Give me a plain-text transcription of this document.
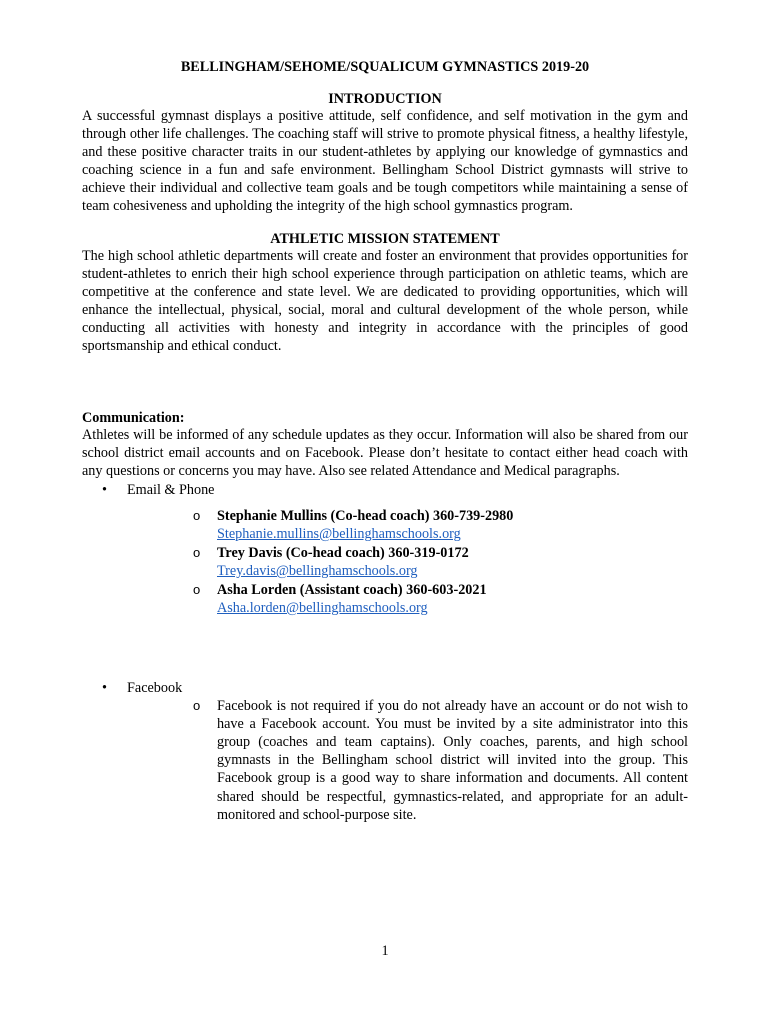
BELLINGHAM/SEHOME/SQUALICUM GYMNASTICS 2019-20
INTRODUCTION

A successful gymnast displays a positive attitude, self confidence, and self motivation in the gym and through other life challenges. The coaching staff will strive to promote physical fitness, a healthy lifestyle, and these positive character traits in our student-athletes by applying our knowledge of gymnastics and coaching science in a fun and safe environment. Bellingham School District gymnasts will strive to achieve their individual and collective team goals and be tough competitors while maintaining a sense of team cohesiveness and upholding the integrity of the high school gymnastics program.

ATHLETIC MISSION STATEMENT

The high school athletic departments will create and foster an environment that provides opportunities for student-athletes to enrich their high school experience through participation on athletic teams, which are competitive at the conference and state level. We are dedicated to providing opportunities, which will enhance the intellectual, physical, social, moral and cultural development of the whole person, while conducting all activities with honesty and integrity in accordance with the principles of good sportsmanship and ethical conduct.

Communication:

Athletes will be informed of any schedule updates as they occur. Information will also be shared from our school district email accounts and on Facebook. Please don’t hesitate to contact either head coach with any questions or concerns you may have. Also see related Attendance and Medical paragraphs.

• Email & Phone
o Stephanie Mullins (Co-head coach) 360-739-2980
Stephanie.mullins@bellinghamschools.org
o Trey Davis (Co-head coach) 360-319-0172
Trey.davis@bellinghamschools.org
o Asha Lorden (Assistant coach) 360-603-2021
Asha.lorden@bellinghamschools.org
• Facebook
o Facebook is not required if you do not already have an account or do not wish to have a Facebook account. You must be invited by a site administrator into this group (coaches and team captains). Only coaches, parents, and high school gymnasts in the Bellingham school district will invited into the group. This Facebook group is a good way to share information and documents. All content shared should be respectful, gymnastics-related, and appropriate for an adult-monitored and school-purpose site.
1
